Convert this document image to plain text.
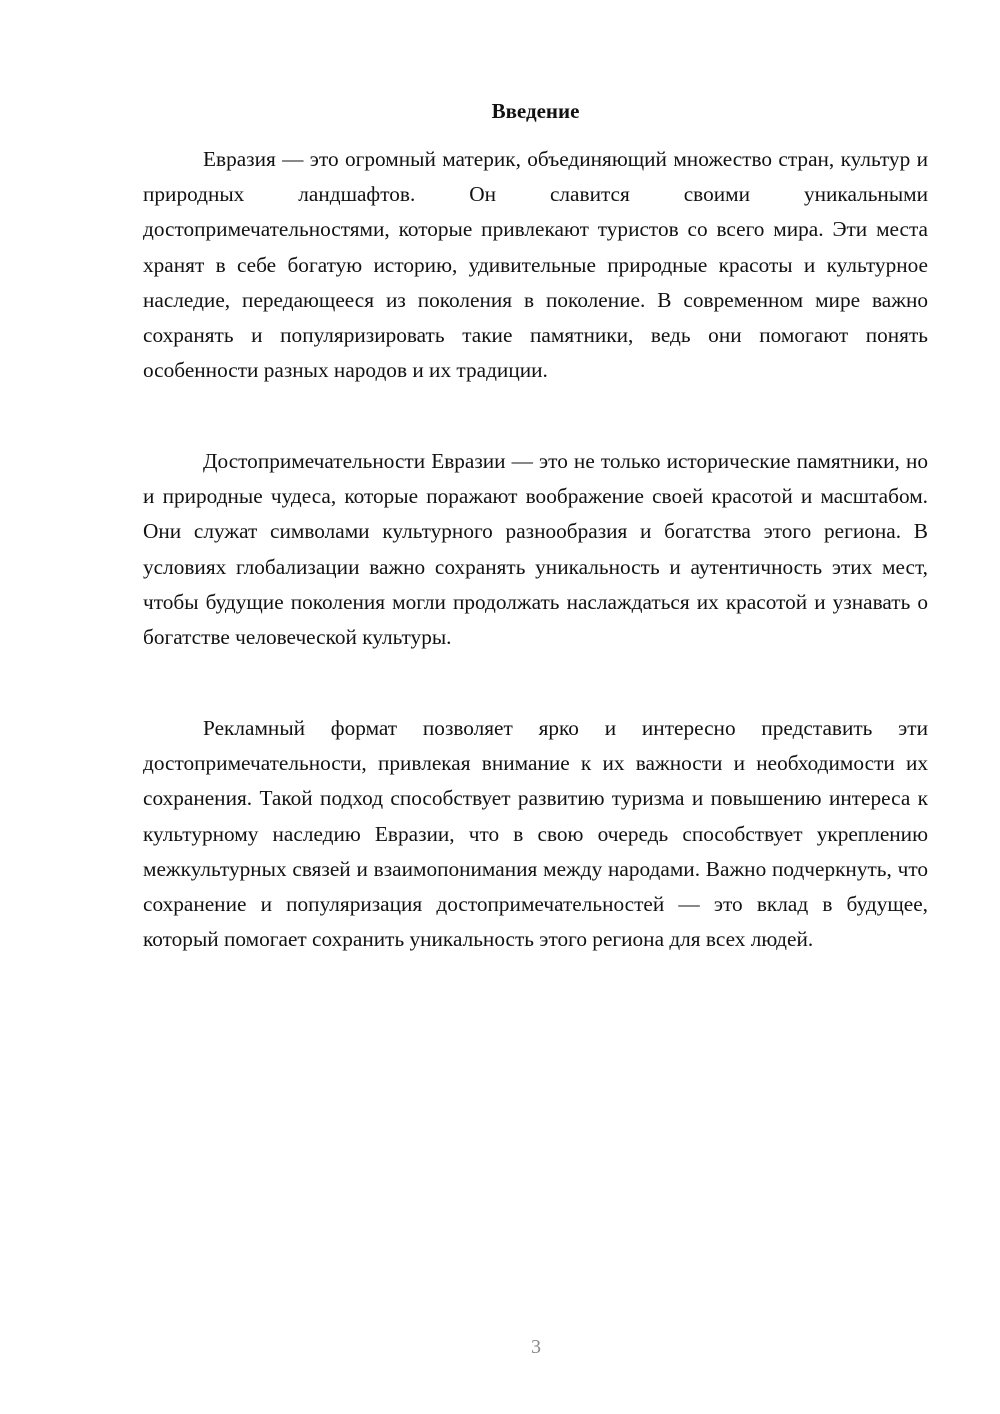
Введение

Евразия — это огромный материк, объединяющий множество стран, культур и природных ландшафтов. Он славится своими уникальными достопримечательностями, которые привлекают туристов со всего мира. Эти места хранят в себе богатую историю, удивительные природные красоты и культурное наследие, передающееся из поколения в поколение. В современном мире важно сохранять и популяризировать такие памятники, ведь они помогают понять особенности разных народов и их традиции.

Достопримечательности Евразии — это не только исторические памятники, но и природные чудеса, которые поражают воображение своей красотой и масштабом. Они служат символами культурного разнообразия и богатства этого региона. В условиях глобализации важно сохранять уникальность и аутентичность этих мест, чтобы будущие поколения могли продолжать наслаждаться их красотой и узнавать о богатстве человеческой культуры.

Рекламный формат позволяет ярко и интересно представить эти достопримечательности, привлекая внимание к их важности и необходимости их сохранения. Такой подход способствует развитию туризма и повышению интереса к культурному наследию Евразии, что в свою очередь способствует укреплению межкультурных связей и взаимопонимания между народами. Важно подчеркнуть, что сохранение и популяризация достопримечательностей — это вклад в будущее, который помогает сохранить уникальность этого региона для всех людей.

3
